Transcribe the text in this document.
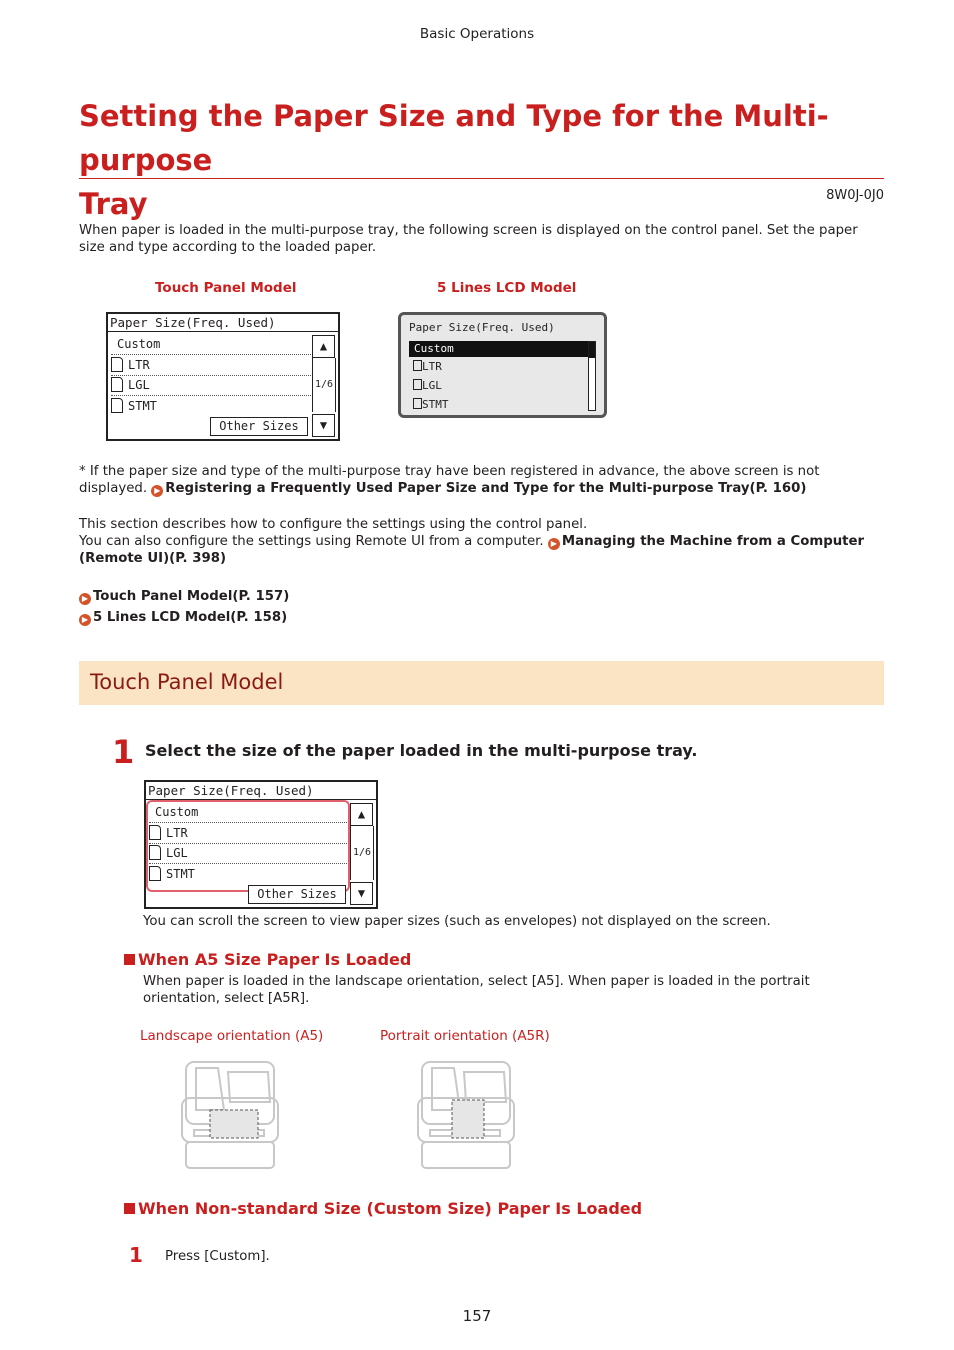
Basic Operations
Setting the Paper Size and Type for the Multi-purpose
Tray	8W0J-0J0

When paper is loaded in the multi-purpose tray, the following screen is displayed on the control panel. Set the paper size and type according to the loaded paper.

Touch Panel Model	5 Lines LCD Model
Paper Size(Freq. Used)
Custom
LTR
LGL
STMT
▲
1/6
▼
Other Sizes
Paper Size(Freq. Used)
Custom
LTR
LGL
STMT

* If the paper size and type of the multi-purpose tray have been registered in advance, the above screen is not
displayed. ▶ Registering a Frequently Used Paper Size and Type for the Multi-purpose Tray(P. 160)

This section describes how to configure the settings using the control panel.
You can also configure the settings using Remote UI from a computer. ▶ Managing the Machine from a Computer
(Remote UI)(P. 398)

▶ Touch Panel Model(P. 157)
▶ 5 Lines LCD Model(P. 158)
Touch Panel Model
1 Select the size of the paper loaded in the multi-purpose tray.
Paper Size(Freq. Used)
Custom
LTR
LGL
STMT
▲
1/6
▼
Other Sizes

You can scroll the screen to view paper sizes (such as envelopes) not displayed on the screen.

When A5 Size Paper Is Loaded

When paper is loaded in the landscape orientation, select [A5]. When paper is loaded in the portrait orientation, select [A5R].

Landscape orientation (A5)	Portrait orientation (A5R)
When Non-standard Size (Custom Size) Paper Is Loaded
1 Press [Custom].
157
